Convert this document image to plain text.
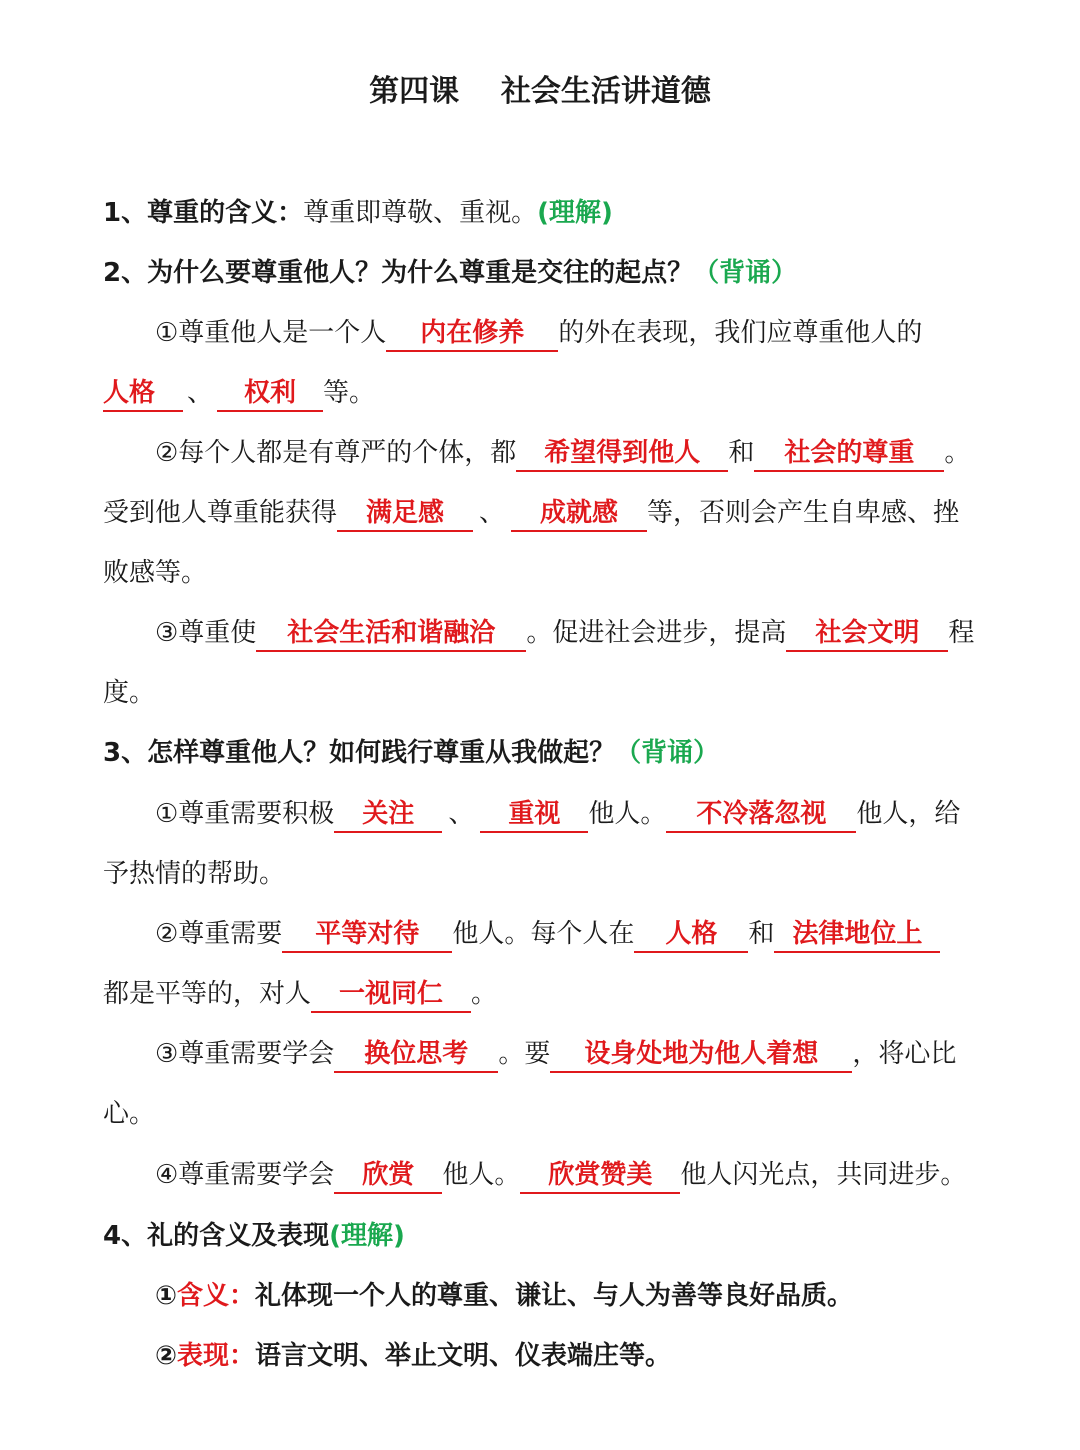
第四课    社会生活讲道德
1、尊重的含义：尊重即尊敬、重视。(理解)
2、为什么要尊重他人？为什么尊重是交往的起点？（背诵）
①尊重他人是一个人 内在修养 的外在表现，我们应尊重他人的
人格 、 权利 等。
②每个人都是有尊严的个体，都 希望得到他人 和 社会的尊重 。
受到他人尊重能获得 满足感 、 成就感 等，否则会产生自卑感、挫
败感等。
③尊重使 社会生活和谐融洽 。促进社会进步，提高 社会文明 程
度。
3、怎样尊重他人？如何践行尊重从我做起？（背诵）
①尊重需要积极 关注 、 重视 他人。 不冷落忽视 他人，给
予热情的帮助。
②尊重需要 平等对待 他人。每个人在 人格 和 法律地位上
都是平等的，对人 一视同仁 。
③尊重需要学会 换位思考 。要 设身处地为他人着想 ，将心比
心。
④尊重需要学会 欣赏 他人。 欣赏赞美 他人闪光点，共同进步。
4、礼的含义及表现(理解)
①含义：礼体现一个人的尊重、谦让、与人为善等良好品质。
②表现：语言文明、举止文明、仪表端庄等。
